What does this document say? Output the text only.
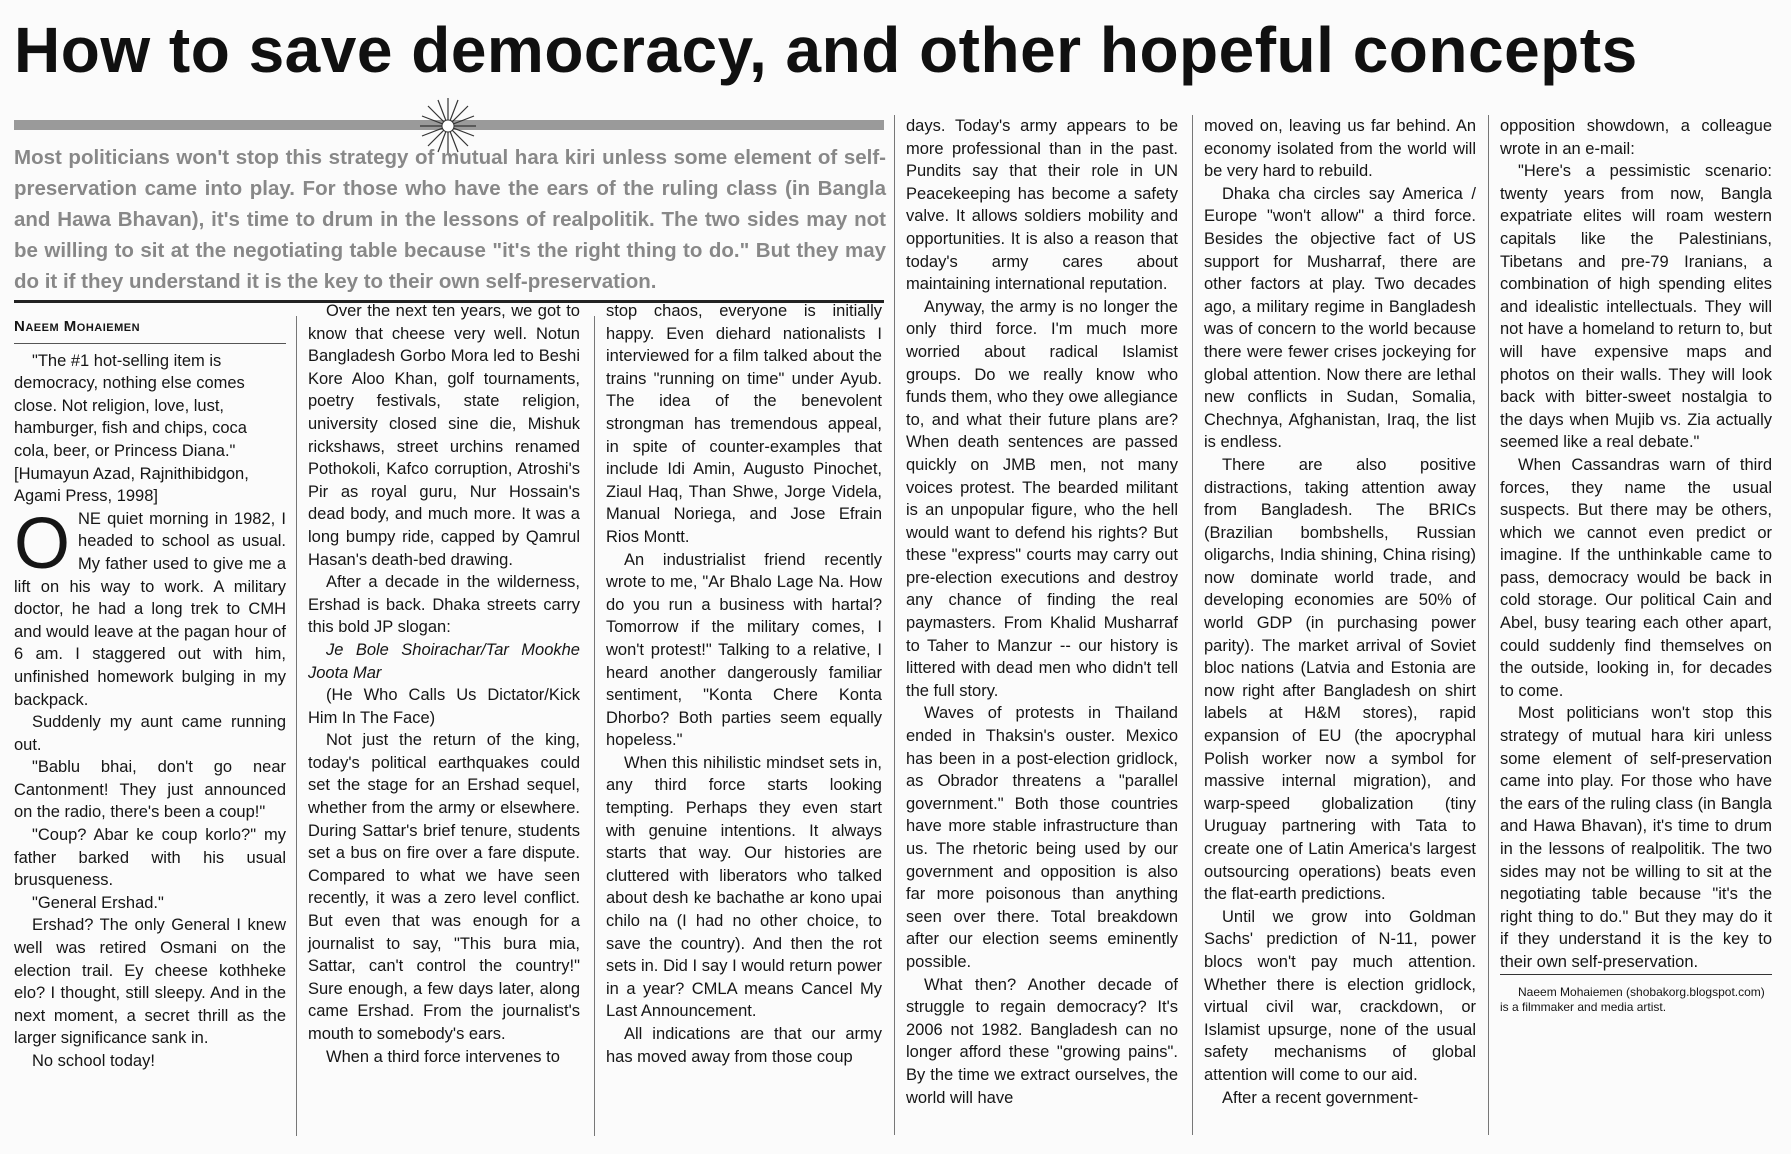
How to save democracy, and other hopeful concepts
Most politicians won't stop this strategy of mutual hara kiri unless some element of self-preservation came into play. For those who have the ears of the ruling class (in Bangla and Hawa Bhavan), it's time to drum in the lessons of realpolitik. The two sides may not be willing to sit at the negotiating table because "it's the right thing to do." But they may do it if they understand it is the key to their own self-preservation.
Naeem Mohaiemen

"The #1 hot-selling item is democracy, nothing else comes close. Not religion, love, lust, hamburger, fish and chips, coca cola, beer, or Princess Diana."

[Humayun Azad, Rajnithibidgon, Agami Press, 1998]

ONE quiet morning in 1982, I headed to school as usual. My father used to give me a lift on his way to work. A military doctor, he had a long trek to CMH and would leave at the pagan hour of 6 am. I staggered out with him, unfinished homework bulging in my backpack.

Suddenly my aunt came running out.

"Bablu bhai, don't go near Cantonment! They just announced on the radio, there's been a coup!"

"Coup? Abar ke coup korlo?" my father barked with his usual brusqueness.

"General Ershad."

Ershad? The only General I knew well was retired Osmani on the election trail. Ey cheese kothheke elo? I thought, still sleepy. And in the next moment, a secret thrill as the larger significance sank in.

No school today!

Over the next ten years, we got to know that cheese very well. Notun Bangladesh Gorbo Mora led to Beshi Kore Aloo Khan, golf tournaments, poetry festivals, state religion, university closed sine die, Mishuk rickshaws, street urchins renamed Pothokoli, Kafco corruption, Atroshi's Pir as royal guru, Nur Hossain's dead body, and much more. It was a long bumpy ride, capped by Qamrul Hasan's death-bed drawing.

After a decade in the wilderness, Ershad is back. Dhaka streets carry this bold JP slogan:

Je Bole Shoirachar/Tar Mookhe Joota Mar

(He Who Calls Us Dictator/Kick Him In The Face)

Not just the return of the king, today's political earthquakes could set the stage for an Ershad sequel, whether from the army or elsewhere. During Sattar's brief tenure, students set a bus on fire over a fare dispute. Compared to what we have seen recently, it was a zero level conflict. But even that was enough for a journalist to say, "This bura mia, Sattar, can't control the country!" Sure enough, a few days later, along came Ershad. From the journalist's mouth to somebody's ears.

When a third force intervenes to

stop chaos, everyone is initially happy. Even diehard nationalists I interviewed for a film talked about the trains "running on time" under Ayub. The idea of the benevolent strongman has tremendous appeal, in spite of counter-examples that include Idi Amin, Augusto Pinochet, Ziaul Haq, Than Shwe, Jorge Videla, Manual Noriega, and Jose Efrain Rios Montt.

An industrialist friend recently wrote to me, "Ar Bhalo Lage Na. How do you run a business with hartal? Tomorrow if the military comes, I won't protest!" Talking to a relative, I heard another dangerously familiar sentiment, "Konta Chere Konta Dhorbo? Both parties seem equally hopeless."

When this nihilistic mindset sets in, any third force starts looking tempting. Perhaps they even start with genuine intentions. It always starts that way. Our histories are cluttered with liberators who talked about desh ke bachathe ar kono upai chilo na (I had no other choice, to save the country). And then the rot sets in. Did I say I would return power in a year? CMLA means Cancel My Last Announcement.

All indications are that our army has moved away from those coup

days. Today's army appears to be more professional than in the past. Pundits say that their role in UN Peacekeeping has become a safety valve. It allows soldiers mobility and opportunities. It is also a reason that today's army cares about maintaining international reputation.

Anyway, the army is no longer the only third force. I'm much more worried about radical Islamist groups. Do we really know who funds them, who they owe allegiance to, and what their future plans are? When death sentences are passed quickly on JMB men, not many voices protest. The bearded militant is an unpopular figure, who the hell would want to defend his rights? But these "express" courts may carry out pre-election executions and destroy any chance of finding the real paymasters. From Khalid Musharraf to Taher to Manzur -- our history is littered with dead men who didn't tell the full story.

Waves of protests in Thailand ended in Thaksin's ouster. Mexico has been in a post-election gridlock, as Obrador threatens a "parallel government." Both those countries have more stable infrastructure than us. The rhetoric being used by our government and opposition is also far more poisonous than anything seen over there. Total breakdown after our election seems eminently possible.

What then? Another decade of struggle to regain democracy? It's 2006 not 1982. Bangladesh can no longer afford these "growing pains". By the time we extract ourselves, the world will have

moved on, leaving us far behind. An economy isolated from the world will be very hard to rebuild.

Dhaka cha circles say America / Europe "won't allow" a third force. Besides the objective fact of US support for Musharraf, there are other factors at play. Two decades ago, a military regime in Bangladesh was of concern to the world because there were fewer crises jockeying for global attention. Now there are lethal new conflicts in Sudan, Somalia, Chechnya, Afghanistan, Iraq, the list is endless.

There are also positive distractions, taking attention away from Bangladesh. The BRICs (Brazilian bombshells, Russian oligarchs, India shining, China rising) now dominate world trade, and developing economies are 50% of world GDP (in purchasing power parity). The market arrival of Soviet bloc nations (Latvia and Estonia are now right after Bangladesh on shirt labels at H&M stores), rapid expansion of EU (the apocryphal Polish worker now a symbol for massive internal migration), and warp-speed globalization (tiny Uruguay partnering with Tata to create one of Latin America's largest outsourcing operations) beats even the flat-earth predictions.

Until we grow into Goldman Sachs' prediction of N-11, power blocs won't pay much attention. Whether there is election gridlock, virtual civil war, crackdown, or Islamist upsurge, none of the usual safety mechanisms of global attention will come to our aid.

After a recent government-

opposition showdown, a colleague wrote in an e-mail:

"Here's a pessimistic scenario: twenty years from now, Bangla expatriate elites will roam western capitals like the Palestinians, Tibetans and pre-79 Iranians, a combination of high spending elites and idealistic intellectuals. They will not have a homeland to return to, but will have expensive maps and photos on their walls. They will look back with bitter-sweet nostalgia to the days when Mujib vs. Zia actually seemed like a real debate."

When Cassandras warn of third forces, they name the usual suspects. But there may be others, which we cannot even predict or imagine. If the unthinkable came to pass, democracy would be back in cold storage. Our political Cain and Abel, busy tearing each other apart, could suddenly find themselves on the outside, looking in, for decades to come.

Most politicians won't stop this strategy of mutual hara kiri unless some element of self-preservation came into play. For those who have the ears of the ruling class (in Bangla and Hawa Bhavan), it's time to drum in the lessons of realpolitik. The two sides may not be willing to sit at the negotiating table because "it's the right thing to do." But they may do it if they understand it is the key to their own self-preservation.

Naeem Mohaiemen (shobakorg.blogspot.com) is a filmmaker and media artist.
